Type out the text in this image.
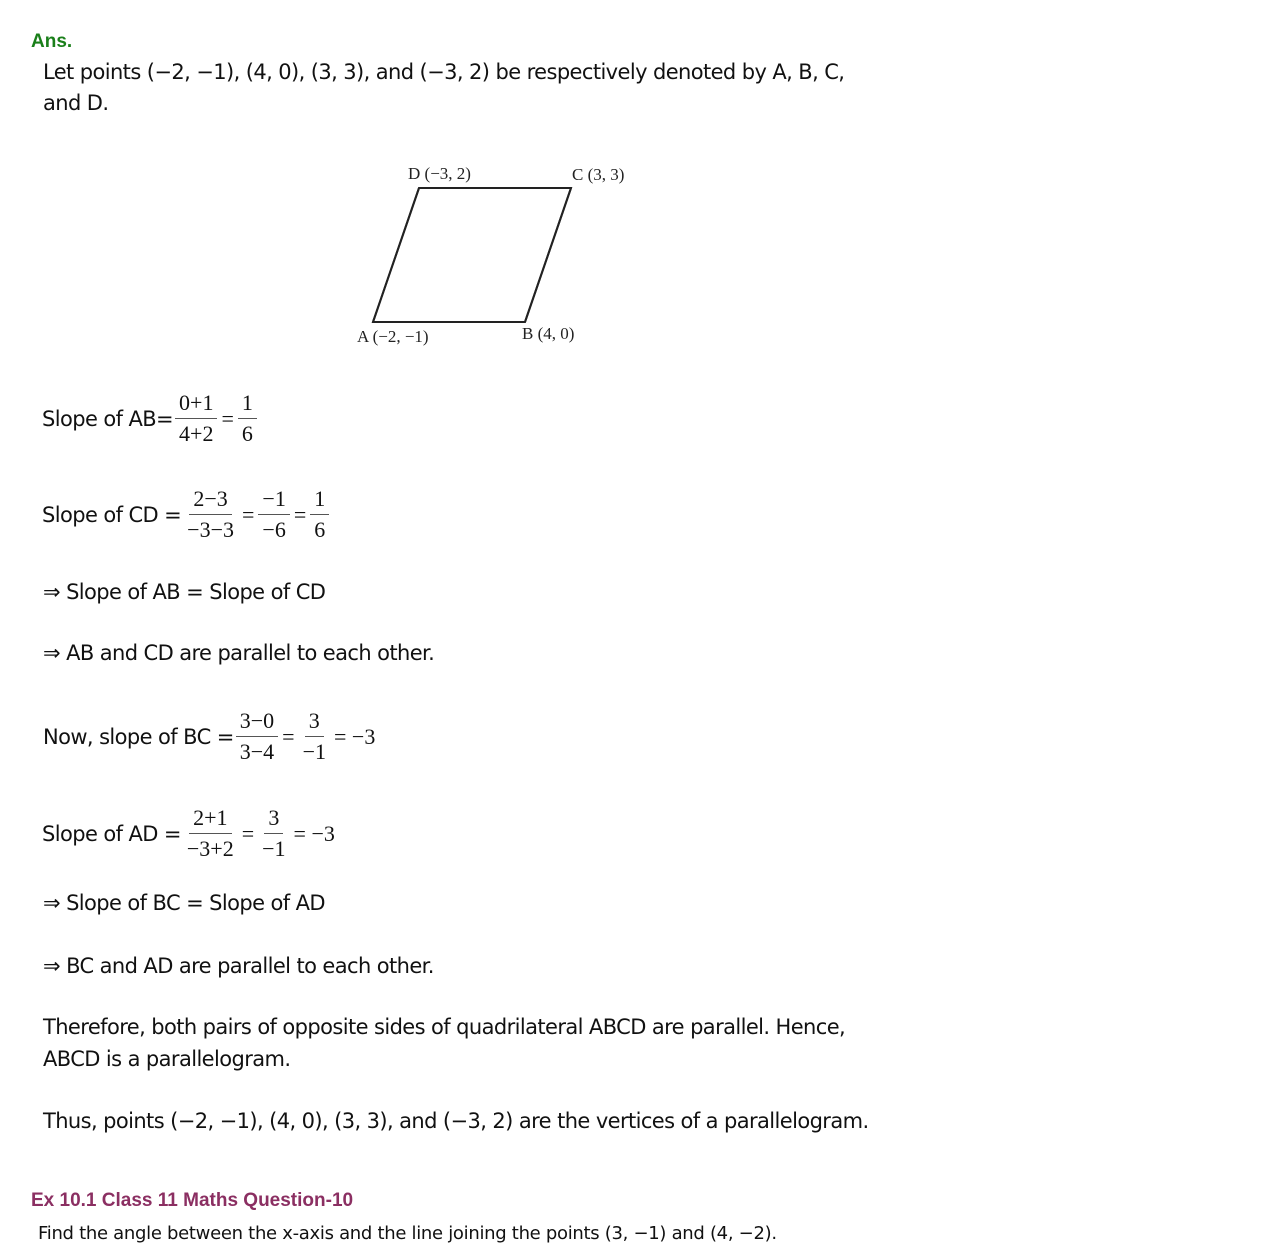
Ans.
Let points (−2, −1), (4, 0), (3, 3), and (−3, 2) be respectively denoted by A, B, C,
and D.
A (−2, −1)	B (4, 0)
C (3, 3)
D (−3, 2)
Slope of $AB= \frac{0+1}{4+2} = \frac{1}{6}$
Slope of CD = $\frac{2-3}{-3-3} = \frac{-1}{-6} = \frac{1}{6}$
⇒ Slope of AB = Slope of CD
⇒ AB and CD are parallel to each other.
Now, slope of BC = $\frac{3-0}{3-4} = \frac{3}{-1} = -3$
Slope of AD = $\frac{2+1}{-3+2} = \frac{3}{-1} = -3$
⇒ Slope of BC = Slope of AD
⇒ BC and AD are parallel to each other.
Therefore, both pairs of opposite sides of quadrilateral ABCD are parallel. Hence,
ABCD is a parallelogram.
Thus, points (−2, −1), (4, 0), (3, 3), and (−3, 2) are the vertices of a parallelogram.
Ex 10.1 Class 11 Maths Question-10
Find the angle between the x-axis and the line joining the points (3, −1) and (4, −2).
